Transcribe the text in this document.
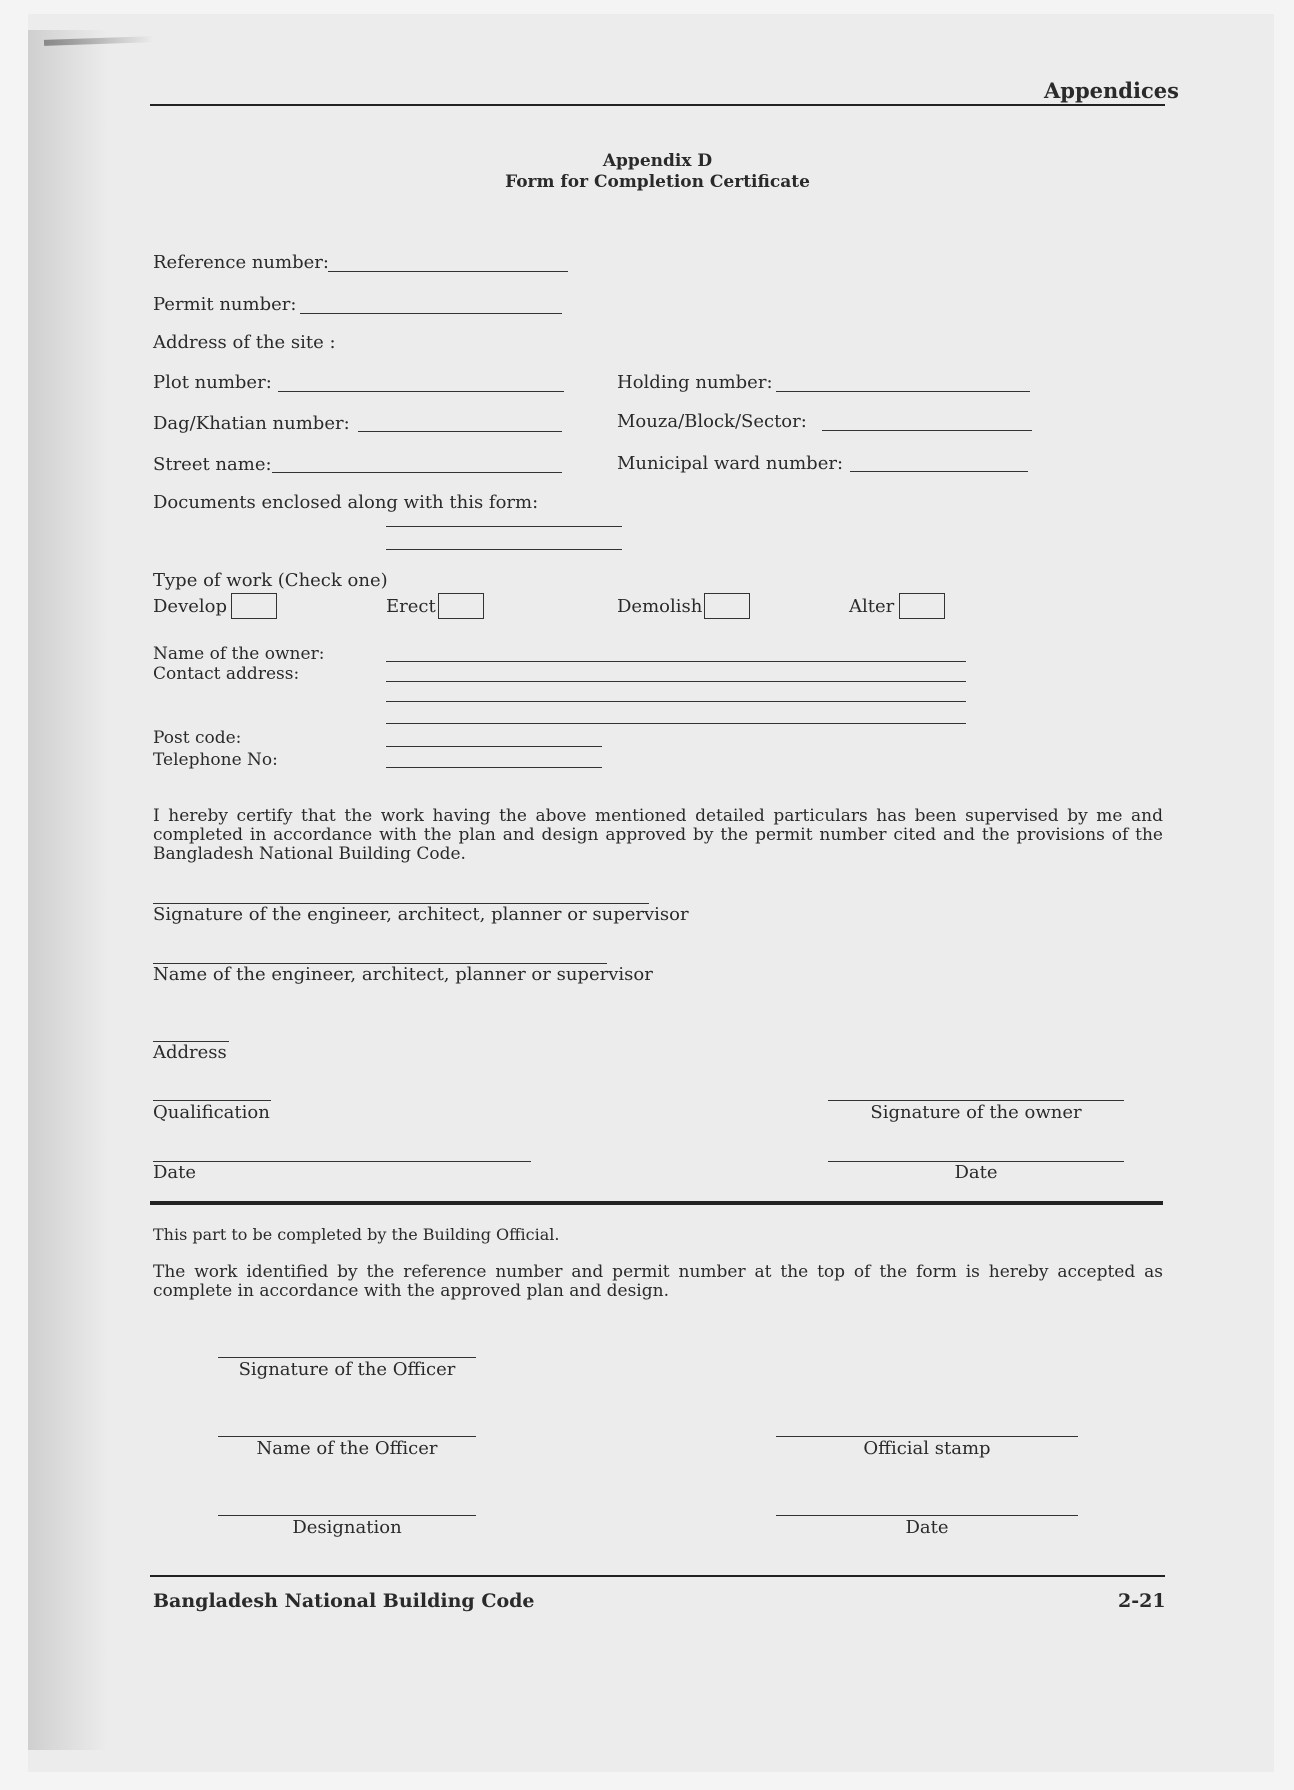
Appendices
Appendix D
Form for Completion Certificate
Reference number:
Permit number:
Address of the site :
Plot number:	Holding number:
Dag/Khatian number:	Mouza/Block/Sector:
Street name:	Municipal ward number:
Documents enclosed along with this form:
Type of work (Check one)
Develop	Erect	Demolish	Alter
Name of the owner:
Contact address:
Post code:
Telephone No:
I hereby certify that the work having the above mentioned detailed particulars has been supervised by me and completed in accordance with the plan and design approved by the permit number cited and the provisions of the Bangladesh National Building Code.
Signature of the engineer, architect, planner or supervisor
Name of the engineer, architect, planner or supervisor
Address
Qualification
Date
Signature of the owner
Date
This part to be completed by the Building Official.
The work identified by the reference number and permit number at the top of the form is hereby accepted as complete in accordance with the approved plan and design.
Signature of the Officer
Name of the Officer
Designation
Official stamp
Date
Bangladesh National Building Code	2-21
